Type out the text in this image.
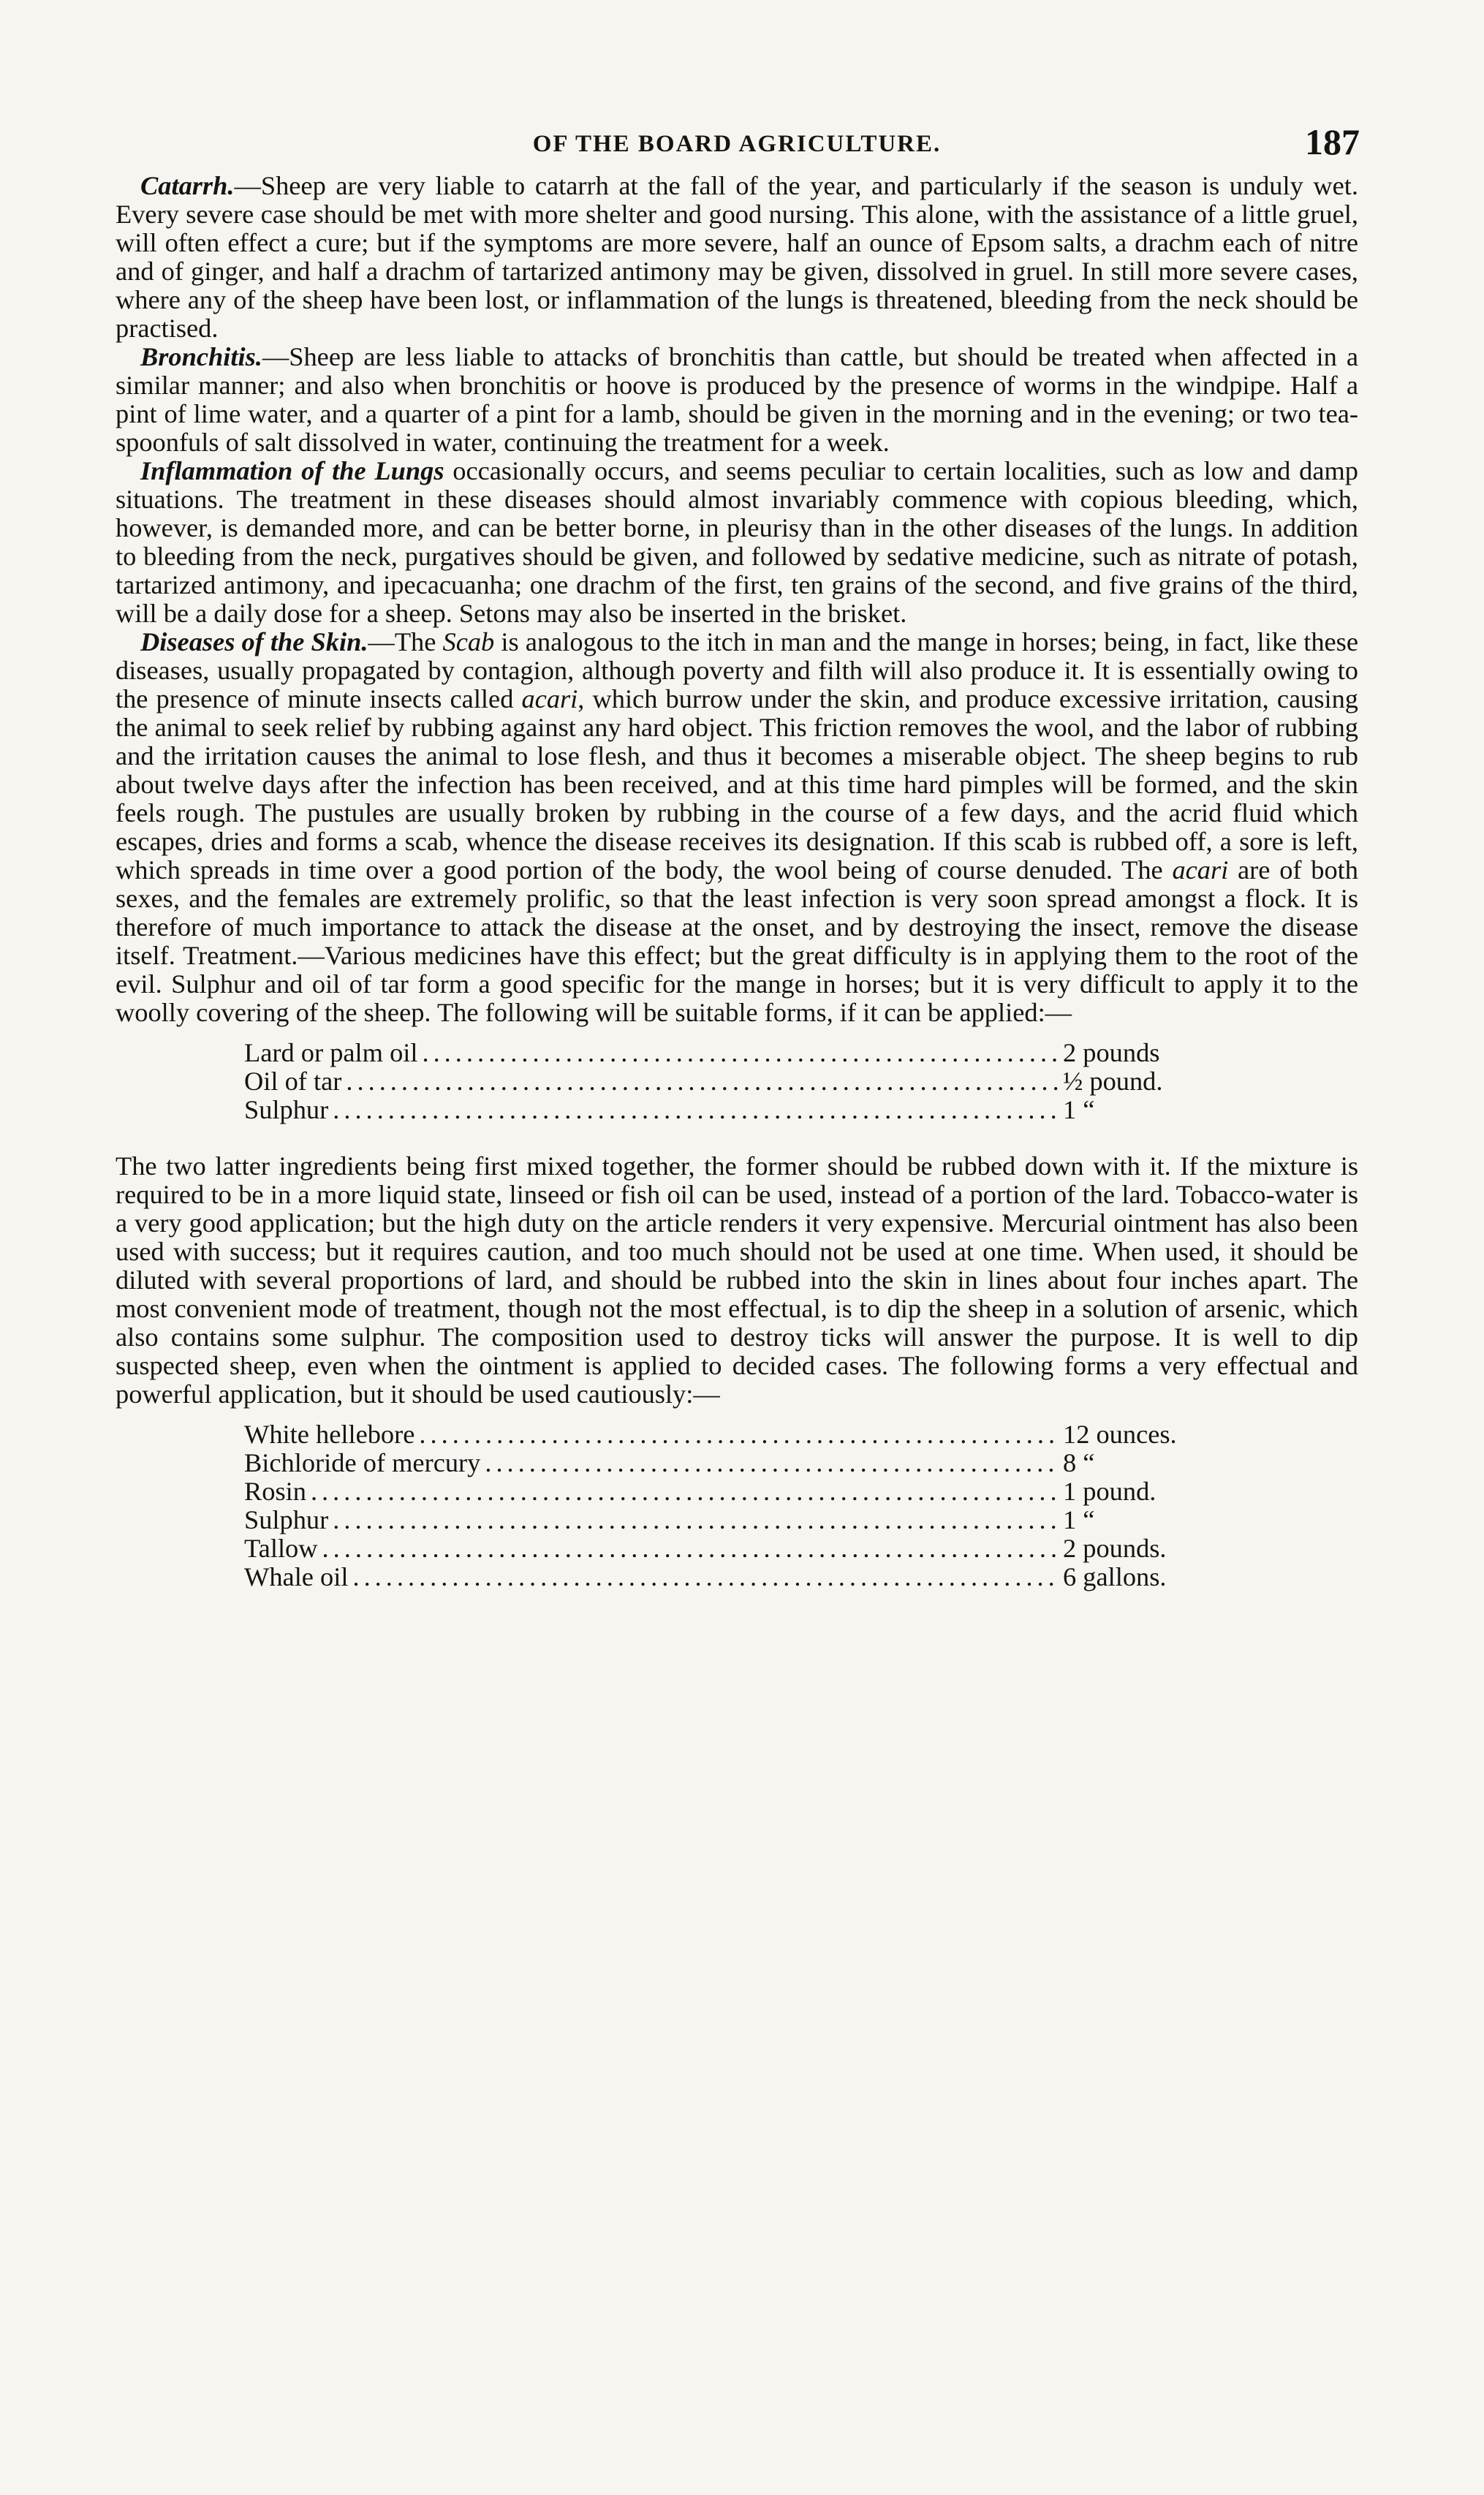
OF THE BOARD AGRICULTURE.	187

Catarrh.—Sheep are very liable to catarrh at the fall of the year, and particularly if the season is unduly wet. Every severe case should be met with more shelter and good nursing. This alone, with the assistance of a little gruel, will often effect a cure; but if the symptoms are more severe, half an ounce of Epsom salts, a drachm each of nitre and of ginger, and half a drachm of tartarized antimony may be given, dissolved in gruel. In still more severe cases, where any of the sheep have been lost, or inflammation of the lungs is threatened, bleeding from the neck should be practised.

Bronchitis.—Sheep are less liable to attacks of bronchitis than cattle, but should be treated when affected in a similar manner; and also when bronchitis or hoove is produced by the presence of worms in the windpipe. Half a pint of lime water, and a quarter of a pint for a lamb, should be given in the morning and in the evening; or two tea-spoonfuls of salt dissolved in water, continuing the treatment for a week.

Inflammation of the Lungs occasionally occurs, and seems peculiar to certain localities, such as low and damp situations. The treatment in these diseases should almost invariably commence with copious bleeding, which, however, is demanded more, and can be better borne, in pleurisy than in the other diseases of the lungs. In addition to bleeding from the neck, purgatives should be given, and followed by sedative medicine, such as nitrate of potash, tartarized antimony, and ipecacuanha; one drachm of the first, ten grains of the second, and five grains of the third, will be a daily dose for a sheep. Setons may also be inserted in the brisket.

Diseases of the Skin.—The Scab is analogous to the itch in man and the mange in horses; being, in fact, like these diseases, usually propagated by contagion, although poverty and filth will also produce it. It is essentially owing to the presence of minute insects called acari, which burrow under the skin, and produce excessive irritation, causing the animal to seek relief by rubbing against any hard object. This friction removes the wool, and the labor of rubbing and the irritation causes the animal to lose flesh, and thus it becomes a miserable object. The sheep begins to rub about twelve days after the infection has been received, and at this time hard pimples will be formed, and the skin feels rough. The pustules are usually broken by rubbing in the course of a few days, and the acrid fluid which escapes, dries and forms a scab, whence the disease receives its designation. If this scab is rubbed off, a sore is left, which spreads in time over a good portion of the body, the wool being of course denuded. The acari are of both sexes, and the females are extremely prolific, so that the least infection is very soon spread amongst a flock. It is therefore of much importance to attack the disease at the onset, and by destroying the insect, remove the disease itself. Treatment.—Various medicines have this effect; but the great difficulty is in applying them to the root of the evil. Sulphur and oil of tar form a good specific for the mange in horses; but it is very difficult to apply it to the woolly covering of the sheep. The following will be suitable forms, if it can be applied:—

Lard or palm oil .....	2 pounds
Oil of tar .....	½ pound.
Sulphur .....	1 “

The two latter ingredients being first mixed together, the former should be rubbed down with it. If the mixture is required to be in a more liquid state, linseed or fish oil can be used, instead of a portion of the lard. Tobacco-water is a very good application; but the high duty on the article renders it very expensive. Mercurial ointment has also been used with success; but it requires caution, and too much should not be used at one time. When used, it should be diluted with several proportions of lard, and should be rubbed into the skin in lines about four inches apart. The most convenient mode of treatment, though not the most effectual, is to dip the sheep in a solution of arsenic, which also contains some sulphur. The composition used to destroy ticks will answer the purpose. It is well to dip suspected sheep, even when the ointment is applied to decided cases. The following forms a very effectual and powerful application, but it should be used cautiously:—

White hellebore .....	12 ounces.
Bichloride of mercury .....	8 “
Rosin .....	1 pound.
Sulphur .....	1 “
Tallow .....	2 pounds.
Whale oil .....	6 gallons.
